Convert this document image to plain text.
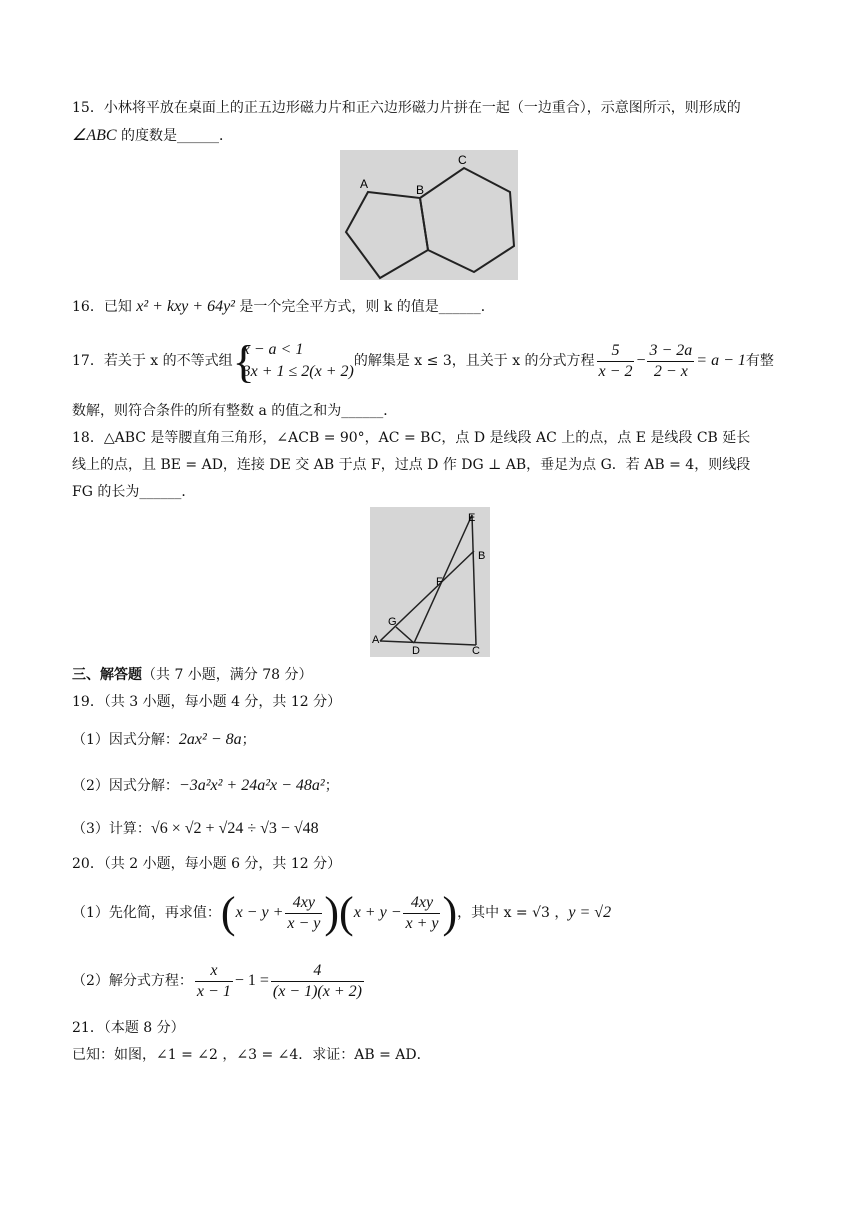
15．小林将平放在桌面上的正五边形磁力片和正六边形磁力片拼在一起（一边重合），示意图所示，则形成的
∠ABC 的度数是______．
A	B
C
16．已知 x² + kxy + 64y² 是一个完全平方式，则 k 的值是______．
17．若关于 x 的不等式组 {
x − a < 1
3x + 1 ≤ 2(x + 2)
的解集是 x ≤ 3，且关于 x 的分式方程 $\frac{5}{x - 2} - \frac{3 - 2a}{2 - x} = a - 1$有整
数解，则符合条件的所有整数 a 的值之和为______．
18．△ABC 是等腰直角三角形，∠ACB = 90°，AC = BC，点 D 是线段 AC 上的点，点 E 是线段 CB 延长
线上的点，且 BE = AD，连接 DE 交 AB 于点 F，过点 D 作 DG ⊥ AB，垂足为点 G．若 AB = 4，则线段
FG 的长为______．
E
B
F
G
A
D	C
三、解答题（共 7 小题，满分 78 分）
19．（共 3 小题，每小题 4 分，共 12 分）
（1）因式分解：2ax² − 8a；
（2）因式分解：−3a²x² + 24a²x − 48a²；
（3）计算：√6 × √2 + √24 ÷ √3 − √48
20．（共 2 小题，每小题 6 分，共 12 分）
（1）先化简，再求值：$(x - y + \frac{4xy}{x - y} )(x + y - \frac{4xy}{x + y}$ )，其中 x = √3 ，y = √2
（2）解分式方程： $\frac{x}{x - 1} - 1 = \frac{4}{(x - 1)(x + 2)}$
21．（本题 8 分）
已知：如图，∠1 = ∠2 ，∠3 = ∠4．求证：AB = AD．
